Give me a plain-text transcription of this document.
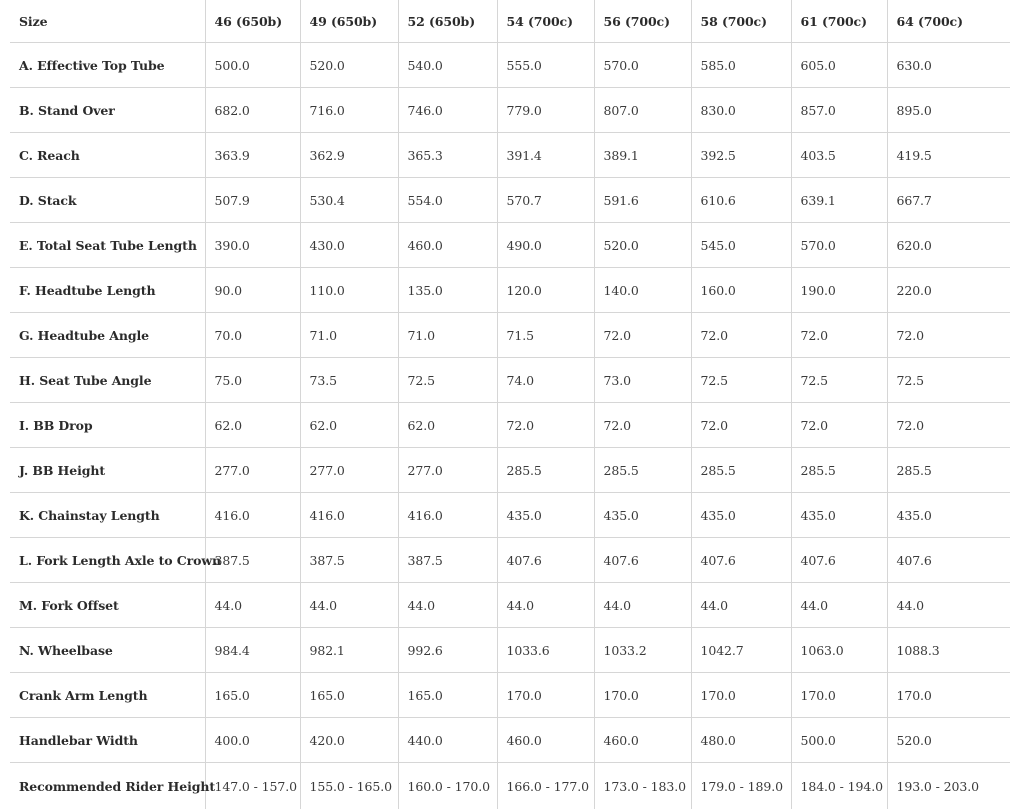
Size	46 (650b)	49 (650b)	52 (650b)	54 (700c)	56 (700c)	58 (700c)	61 (700c)	64 (700c)
A. Effective Top Tube	500.0	520.0	540.0	555.0	570.0	585.0	605.0	630.0
B. Stand Over	682.0	716.0	746.0	779.0	807.0	830.0	857.0	895.0
C. Reach	363.9	362.9	365.3	391.4	389.1	392.5	403.5	419.5
D. Stack	507.9	530.4	554.0	570.7	591.6	610.6	639.1	667.7
E. Total Seat Tube Length	390.0	430.0	460.0	490.0	520.0	545.0	570.0	620.0
F. Headtube Length	90.0	110.0	135.0	120.0	140.0	160.0	190.0	220.0
G. Headtube Angle	70.0	71.0	71.0	71.5	72.0	72.0	72.0	72.0
H. Seat Tube Angle	75.0	73.5	72.5	74.0	73.0	72.5	72.5	72.5
I. BB Drop	62.0	62.0	62.0	72.0	72.0	72.0	72.0	72.0
J. BB Height	277.0	277.0	277.0	285.5	285.5	285.5	285.5	285.5
K. Chainstay Length	416.0	416.0	416.0	435.0	435.0	435.0	435.0	435.0
L. Fork Length Axle to Crown	387.5	387.5	387.5	407.6	407.6	407.6	407.6	407.6
M. Fork Offset	44.0	44.0	44.0	44.0	44.0	44.0	44.0	44.0
N. Wheelbase	984.4	982.1	992.6	1033.6	1033.2	1042.7	1063.0	1088.3
Crank Arm Length	165.0	165.0	165.0	170.0	170.0	170.0	170.0	170.0
Handlebar Width	400.0	420.0	440.0	460.0	460.0	480.0	500.0	520.0
Recommended Rider Height	147.0 - 157.0	155.0 - 165.0	160.0 - 170.0	166.0 - 177.0	173.0 - 183.0	179.0 - 189.0	184.0 - 194.0	193.0 - 203.0
